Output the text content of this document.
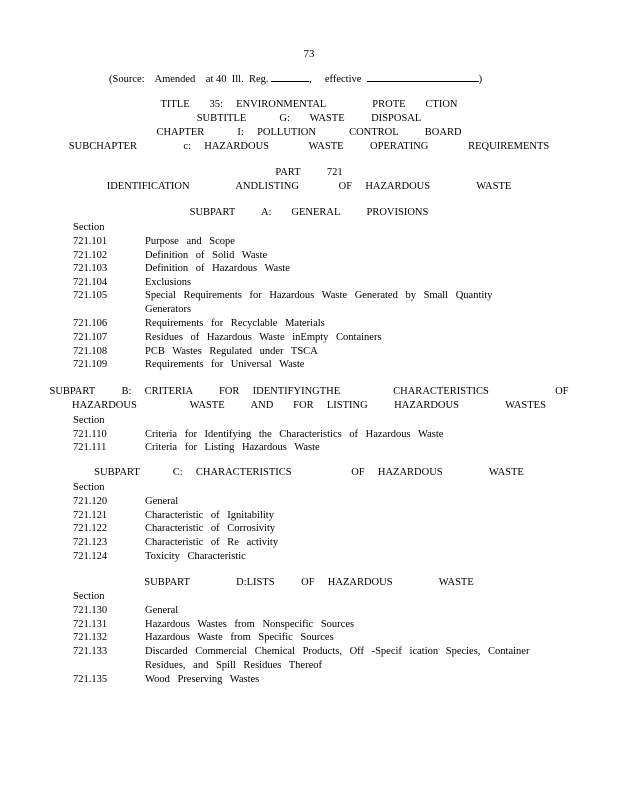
73
(Source:    Amended    at 40  Ill.  Reg.	,     effective	)
TITLE   35:  ENVIRONMENTAL       PROTE   CTION
SUBTITLE     G:   WASTE    DISPOSAL
CHAPTER     I:  POLLUTION     CONTROL    BOARD
SUBCHAPTER       c:  HAZARDOUS      WASTE    OPERATING      REQUIREMENTS
PART    721
IDENTIFICATION       ANDLISTING      OF  HAZARDOUS       WASTE
SUBPART    A:   GENERAL    PROVISIONS
Section
721.101	Purpose and Scope
721.102	Definition of Solid Waste
721.103	Definition of Hazardous Waste
721.104	Exclusions
721.105	Special Requirements for Hazardous Waste Generated by Small Quantity
Generators
721.106	Requirements for Recyclable Materials
721.107	Residues of Hazardous Waste inEmpty Containers
721.108	PCB Wastes Regulated under TSCA
721.109	Requirements for Universal Waste
SUBPART    B:  CRITERIA    FOR  IDENTIFYINGTHE        CHARACTERISTICS          OF
HAZARDOUS        WASTE    AND   FOR  LISTING    HAZARDOUS       WASTES
Section
721.110	Criteria for Identifying the Characteristics of Hazardous Waste
721.111	Criteria for Listing Hazardous Waste
SUBPART     C:  CHARACTERISTICS         OF  HAZARDOUS       WASTE
Section
721.120	General
721.121	Characteristic of Ignitability
721.122	Characteristic of Corrosivity
721.123	Characteristic of Re activity
721.124	Toxicity Characteristic
SUBPART       D:LISTS    OF  HAZARDOUS       WASTE
Section
721.130	General
721.131	Hazardous Wastes from Nonspecific Sources
721.132	Hazardous Waste from Specific Sources
721.133	Discarded Commercial Chemical Products, Off -Specif ication Species, Container
Residues, and Spill Residues Thereof
721.135	Wood Preserving Wastes
